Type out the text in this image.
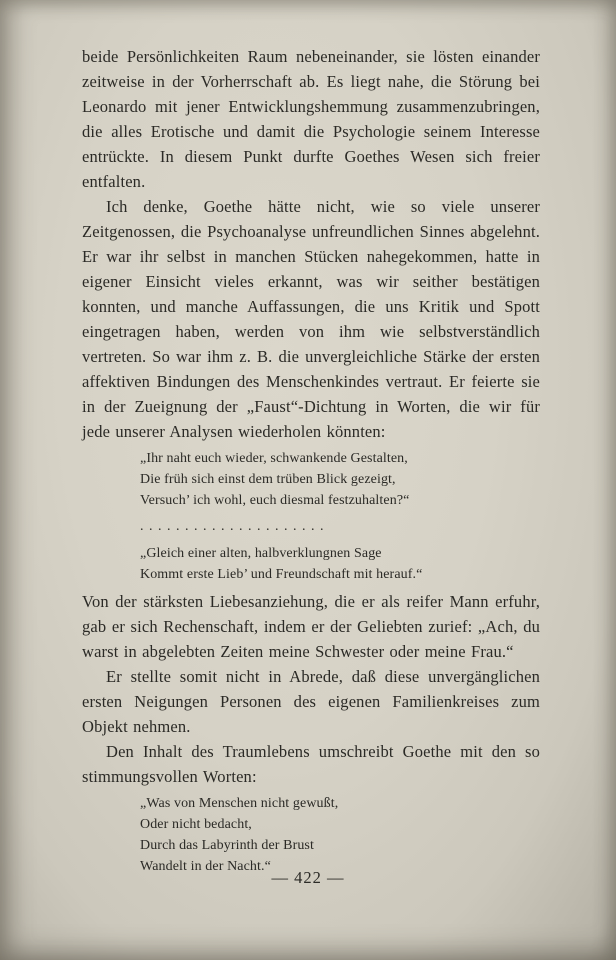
beide Persönlichkeiten Raum nebeneinander, sie lösten einander zeitweise in der Vorherrschaft ab. Es liegt nahe, die Störung bei Leonardo mit jener Entwicklungshemmung zusammenzubringen, die alles Erotische und damit die Psychologie seinem Interesse entrückte. In diesem Punkt durfte Goethes Wesen sich freier entfalten.

Ich denke, Goethe hätte nicht, wie so viele unserer Zeitgenossen, die Psychoanalyse unfreundlichen Sinnes abgelehnt. Er war ihr selbst in manchen Stücken nahegekommen, hatte in eigener Einsicht vieles erkannt, was wir seither bestätigen konnten, und manche Auffassungen, die uns Kritik und Spott eingetragen haben, werden von ihm wie selbstverständlich vertreten. So war ihm z. B. die unvergleichliche Stärke der ersten affektiven Bindungen des Menschenkindes vertraut. Er feierte sie in der Zueignung der „Faust“-Dichtung in Worten, die wir für jede unserer Analysen wiederholen könnten:

„Ihr naht euch wieder, schwankende Gestalten,
Die früh sich einst dem trüben Blick gezeigt,
Versuch’ ich wohl, euch diesmal festzuhalten?“
. . . . . . . . . . . . . . . . . . . . .
„Gleich einer alten, halbverklungnen Sage
Kommt erste Lieb’ und Freundschaft mit herauf.“

Von der stärksten Liebesanziehung, die er als reifer Mann erfuhr, gab er sich Rechenschaft, indem er der Geliebten zurief: „Ach, du warst in abgelebten Zeiten meine Schwester oder meine Frau.“

Er stellte somit nicht in Abrede, daß diese unvergänglichen ersten Neigungen Personen des eigenen Familienkreises zum Objekt nehmen.

Den Inhalt des Traumlebens umschreibt Goethe mit den so stimmungsvollen Worten:

„Was von Menschen nicht gewußt,
Oder nicht bedacht,
Durch das Labyrinth der Brust
Wandelt in der Nacht.“
— 422 —
